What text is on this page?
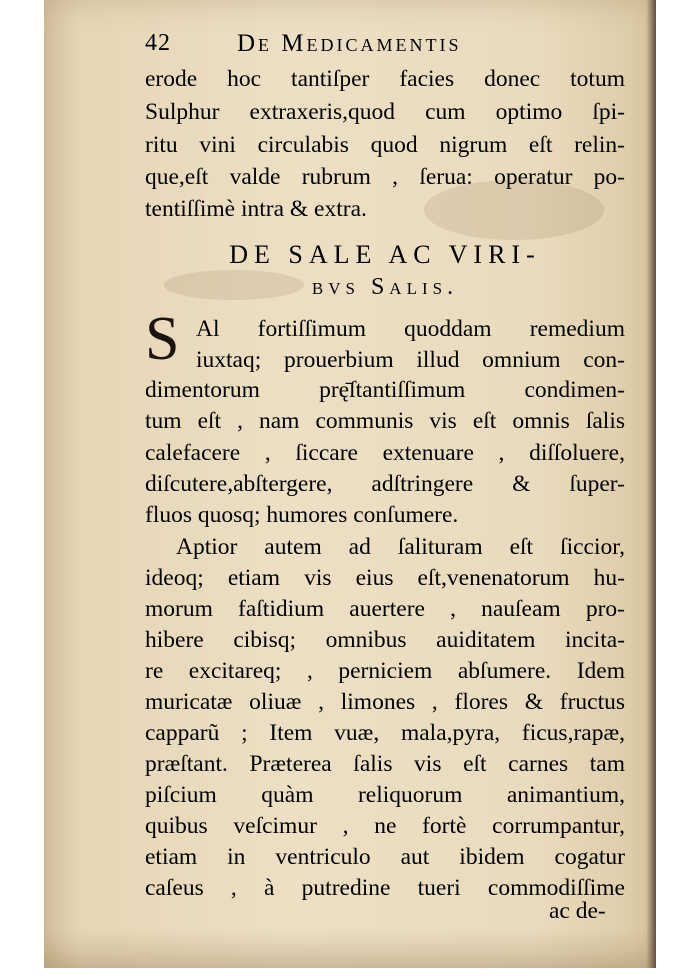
42	De Medicamentis
erode hoc tantiſper facies donec totum
Sulphur extraxeris,quod cum optimo ſpi-
ritu vini circulabis quod nigrum eſt relin-
que,eſt valde rubrum , ſerua: operatur po-
tentiſſimè intra & extra.
DE SALE AC VIRI-
bvs Salis.
S Al fortiſſimum quoddam remedium
iuxtaq; prouerbium illud omnium con-
dimentorum prę̄ſtantiſſimum condimen-
tum eſt , nam communis vis eſt omnis ſalis
calefacere , ſiccare extenuare , diſſoluere,
diſcutere,abſtergere, adſtringere & ſuper-
fluos quosq; humores conſumere.
Aptior autem ad ſalituram eſt ſiccior,
ideoq; etiam vis eius eſt,venenatorum hu-
morum faſtidium auertere , nauſeam pro-
hibere cibisq; omnibus auiditatem incita-
re excitareq; , perniciem abſumere. Idem
muricatæ oliuæ , limones , flores & fructus
capparũ ; Item vuæ, mala,pyra, ficus,rapæ,
præſtant. Præterea ſalis vis eſt carnes tam
piſcium quàm reliquorum animantium,
quibus veſcimur , ne fortè corrumpantur,
etiam in ventriculo aut ibidem cogatur
caſeus , à putredine tueri commodiſſime
ac de-
